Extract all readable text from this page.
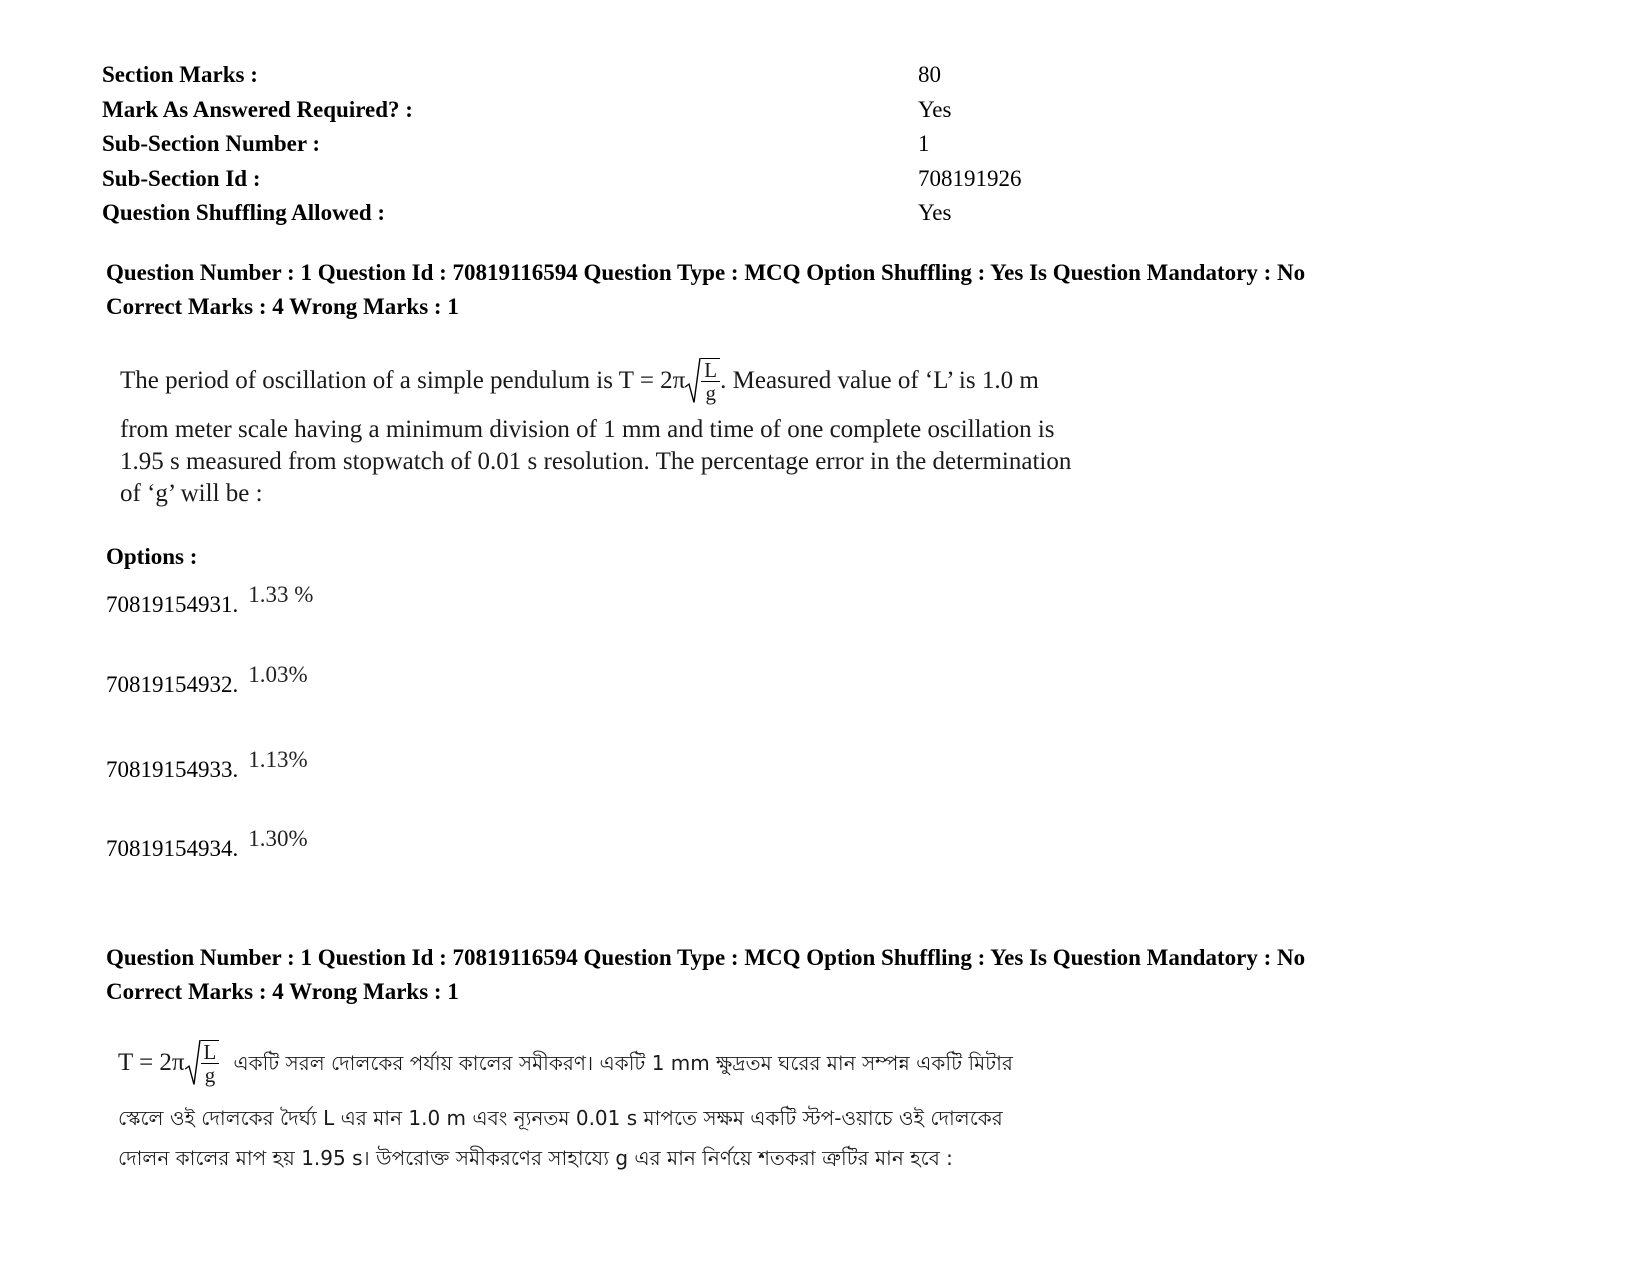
Section Marks :	80
Mark As Answered Required? :	Yes
Sub-Section Number :	1
Sub-Section Id :	708191926
Question Shuffling Allowed :	Yes
Question Number : 1 Question Id : 70819116594 Question Type : MCQ Option Shuffling : Yes Is Question Mandatory : No
Correct Marks : 4 Wrong Marks : 1
The period of oscillation of a simple pendulum is $T = 2\pi \frac{L}{g}$ . Measured value of ‘L’ is 1.0 m
from meter scale having a minimum division of 1 mm and time of one complete oscillation is
1.95 s measured from stopwatch of 0.01 s resolution. The percentage error in the determination
of ‘g’ will be :
Options :
70819154931. 1.33 %
70819154932. 1.03%
70819154933. 1.13%
70819154934. 1.30%
Question Number : 1 Question Id : 70819116594 Question Type : MCQ Option Shuffling : Yes Is Question Mandatory : No
Correct Marks : 4 Wrong Marks : 1
$T = 2\pi \frac{L}{g}$ একটি সরল দোলকের পর্যায় কালের সমীকরণ। একটি 1 mm ক্ষুদ্রতম ঘরের মান সম্পন্ন একটি মিটার
স্কেলে ওই দোলকের দৈর্ঘ্য L এর মান 1.0 m এবং ন্যূনতম 0.01 s মাপতে সক্ষম একটি স্টপ-ওয়াচে ওই দোলকের
দোলন কালের মাপ হয় 1.95 s। উপরোক্ত সমীকরণের সাহায্যে g এর মান নির্ণয়ে শতকরা ত্রুটির মান হবে :
